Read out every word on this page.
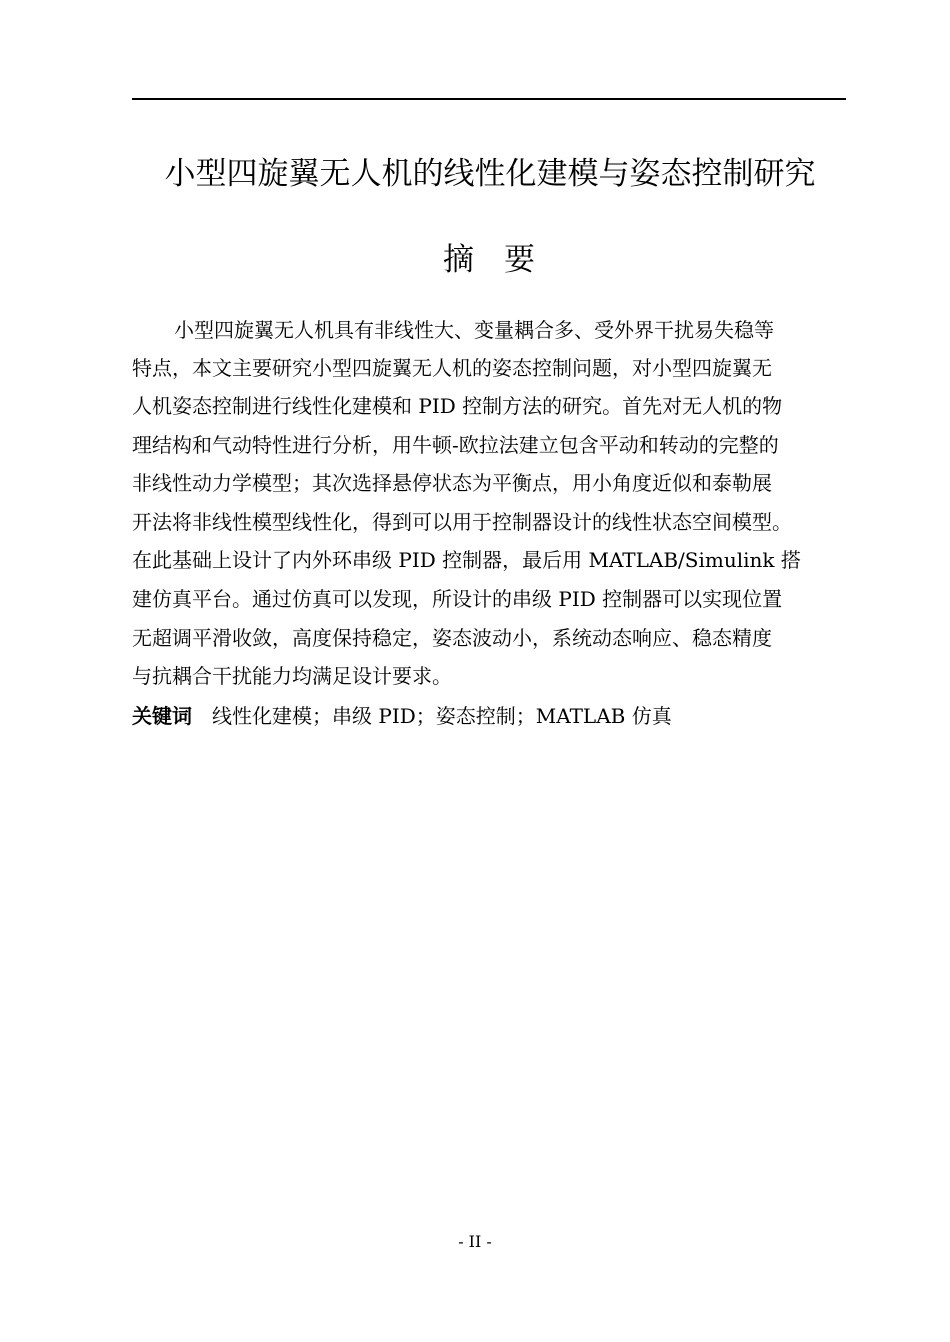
小型四旋翼无人机的线性化建模与姿态控制研究
摘要
小型四旋翼无人机具有非线性大、变量耦合多、受外界干扰易失稳等
特点，本文主要研究小型四旋翼无人机的姿态控制问题，对小型四旋翼无
人机姿态控制进行线性化建模和 PID 控制方法的研究。首先对无人机的物
理结构和气动特性进行分析，用牛顿-欧拉法建立包含平动和转动的完整的
非线性动力学模型；其次选择悬停状态为平衡点，用小角度近似和泰勒展
开法将非线性模型线性化，得到可以用于控制器设计的线性状态空间模型。
在此基础上设计了内外环串级 PID 控制器，最后用 MATLAB/Simulink 搭
建仿真平台。通过仿真可以发现，所设计的串级 PID 控制器可以实现位置
无超调平滑收敛，高度保持稳定，姿态波动小，系统动态响应、稳态精度
与抗耦合干扰能力均满足设计要求。
关键词 线性化建模；串级 PID；姿态控制；MATLAB 仿真
- II -
